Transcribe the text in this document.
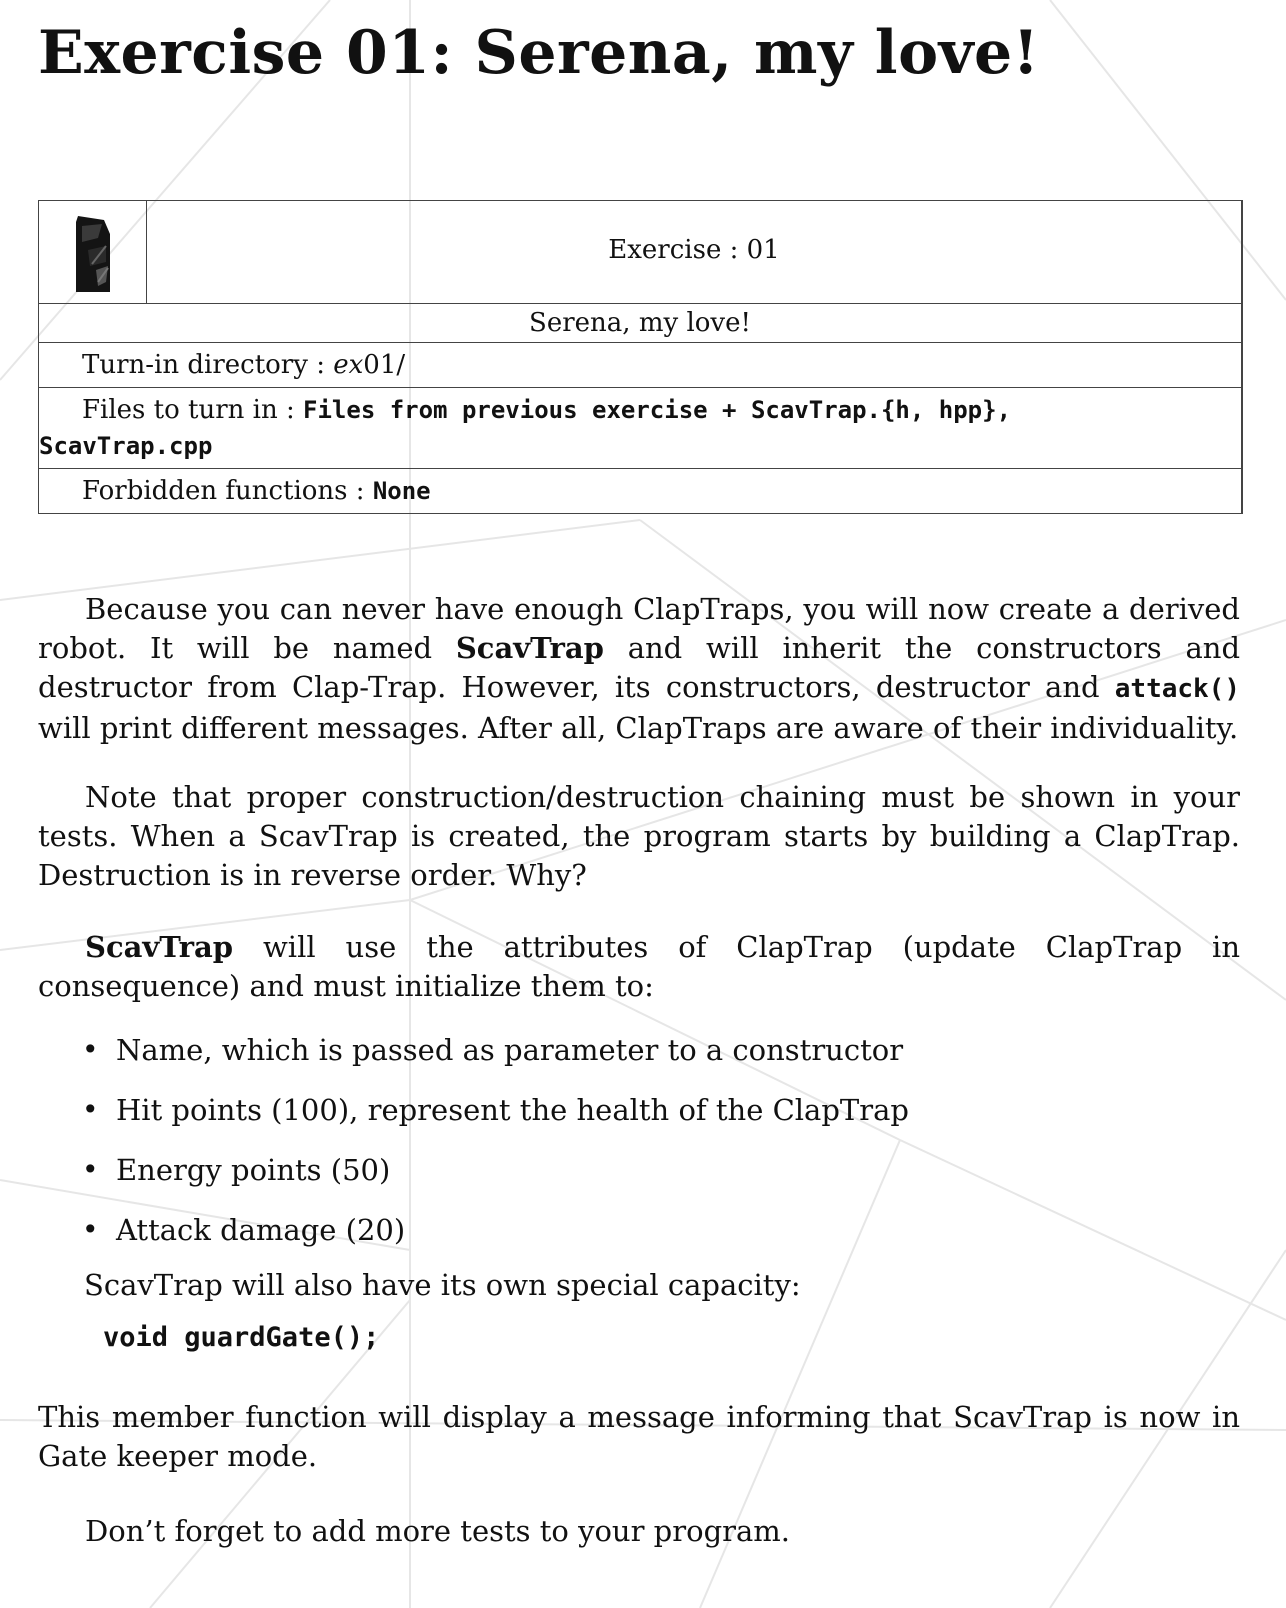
Exercise 01: Serena, my love!
Exercise : 01
Serena, my love!
Turn-in directory : ex01/
Files to turn in : Files from previous exercise + ScavTrap.{h, hpp},
ScavTrap.cpp
Forbidden functions : None

Because you can never have enough ClapTraps, you will now create a derived robot. It will be named ScavTrap and will inherit the constructors and destructor from Clap-Trap. However, its constructors, destructor and attack() will print different messages. After all, ClapTraps are aware of their individuality.

Note that proper construction/destruction chaining must be shown in your tests. When a ScavTrap is created, the program starts by building a ClapTrap. Destruction is in reverse order. Why?

ScavTrap will use the attributes of ClapTrap (update ClapTrap in consequence) and must initialize them to:

• Name, which is passed as parameter to a constructor
• Hit points (100), represent the health of the ClapTrap
• Energy points (50)
• Attack damage (20)

ScavTrap will also have its own special capacity:

void guardGate();

This member function will display a message informing that ScavTrap is now in Gate keeper mode.

Don’t forget to add more tests to your program.
